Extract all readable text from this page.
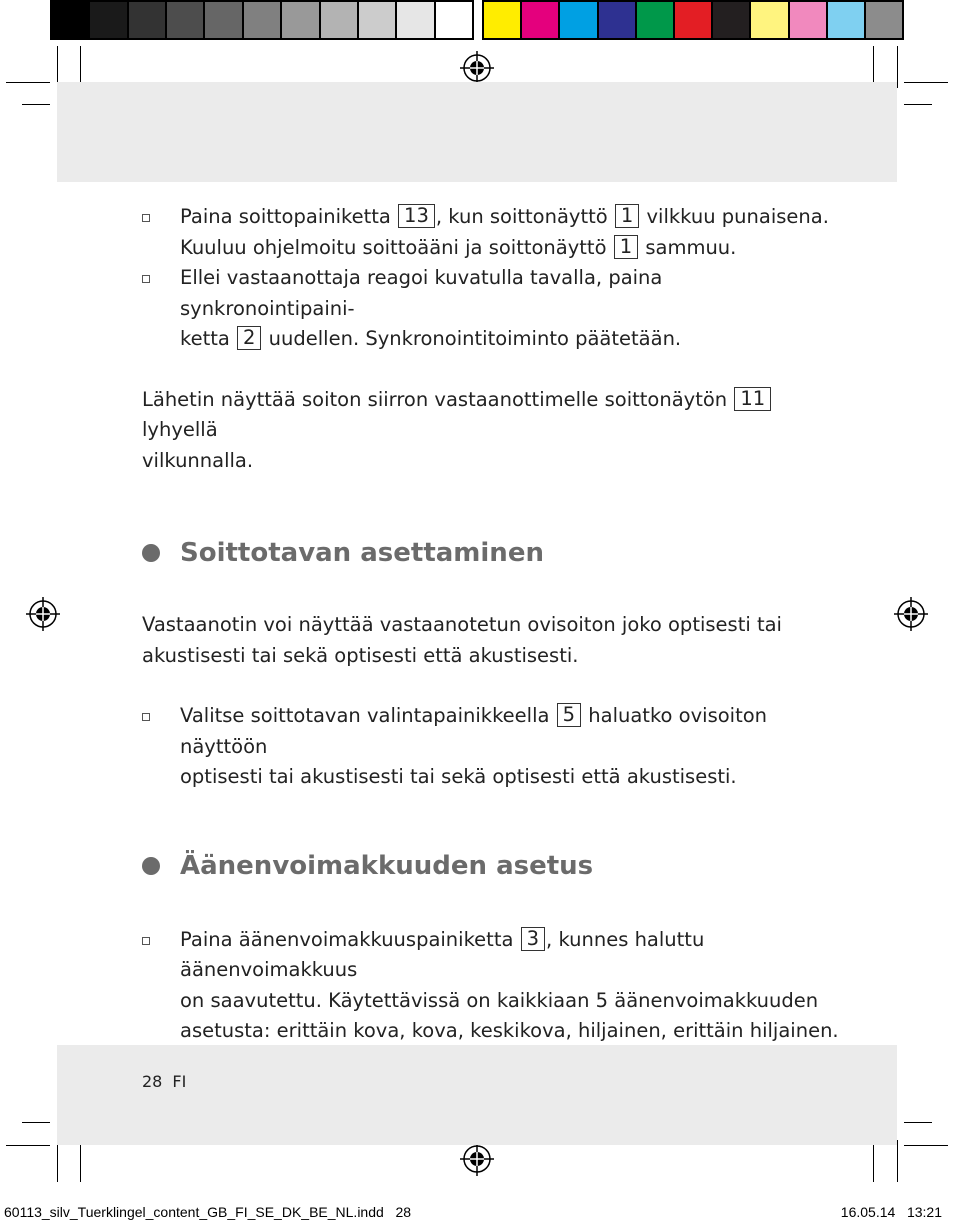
Paina soittopainiketta 13 , kun soittonäyttö 1 vilkkuu punaisena.
Kuuluu ohjelmoitu soittoääni ja soittonäyttö 1 sammuu.
Ellei vastaanottaja reagoi kuvatulla tavalla, paina synkronointipaini-
ketta 2 uudellen. Synkronointitoiminto päätetään.

Lähetin näyttää soiton siirron vastaanottimelle soittonäytön 11 lyhyellä
vilkunnalla.

Soittotavan asettaminen

Vastaanotin voi näyttää vastaanotetun ovisoiton joko optisesti tai
akustisesti tai sekä optisesti että akustisesti.

Valitse soittotavan valintapainikkeella 5 haluatko ovisoiton näyttöön
optisesti tai akustisesti tai sekä optisesti että akustisesti.
Äänenvoimakkuuden asetus
Paina äänenvoimakkuuspainiketta 3 , kunnes haluttu äänenvoimakkuus
on saavutettu. Käytettävissä on kaikkiaan 5 äänenvoimakkuuden
asetusta: erittäin kova, kova, keskikova, hiljainen, erittäin hiljainen.
28 FI
60113_silv_Tuerklingel_content_GB_FI_SE_DK_BE_NL.indd   28	16.05.14   13:21
